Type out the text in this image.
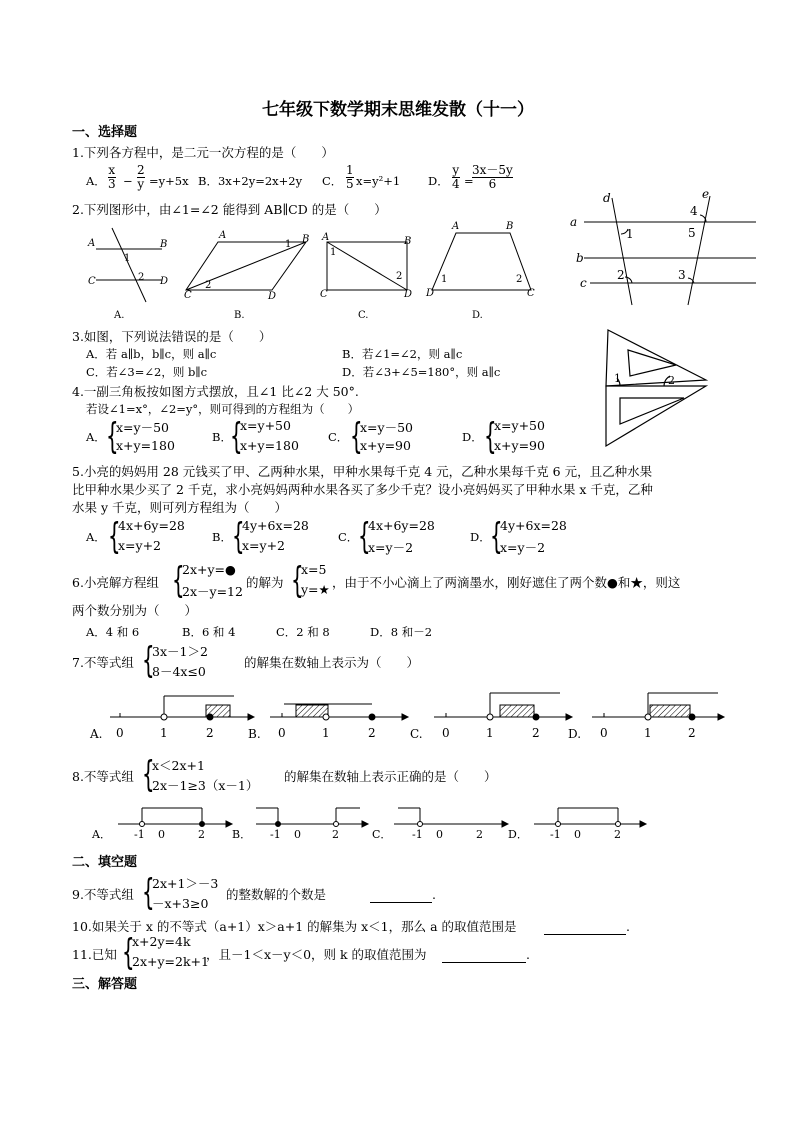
七年级下数学期末思维发散（十一）
一、选择题
1.下列各方程中，是二元一次方程的是（　　）
A．
x
3 −
2
y =y+5x B．3x+2y=2x+2y C．
1
5 x=y²+1 D．
y
4 =
3x－5y
6
2.下列图形中，由∠1=∠2 能得到 AB∥CD 的是（　　）
A	B
C	D
1
2
A	B
C	D
1
2
A	B
C	D
1
2
A	B
D	C
1	2
A.	B.	C.	D.
a
b
c
d	e
1
2	3
4
5
3.如图，下列说法错误的是（　　）
A．若 a∥b，b∥c，则 a∥c	B．若∠1=∠2，则 a∥c
C．若∠3=∠2，则 b∥c	D．若∠3+∠5=180°，则 a∥c	1	2
4.一副三角板按如图方式摆放，且∠1 比∠2 大 50°.
若设∠1=x°，∠2=y°，则可得到的方程组为（　　）
A． {
x=y－50
x+y=180
B．
{
x=y+50
x+y=180
C． {
x=y－50
x+y=90
D． {
x=y+50
x+y=90
5.小亮的妈妈用 28 元钱买了甲、乙两种水果，甲种水果每千克 4 元，乙种水果每千克 6 元，且乙种水果
比甲种水果少买了 2 千克，求小亮妈妈两种水果各买了多少千克？设小亮妈妈买了甲种水果 x 千克，乙种
水果 y 千克，则可列方程组为（　　）
A． {
4x+6y=28
x=y+2
B． {
4y+6x=28
x=y+2
C． {
4x+6y=28
x=y－2
D． {
4y+6x=28
x=y－2
6.小亮解方程组 {
2x+y=●
2x－y=12
的解为 {
x=5
y=★ ，由于不小心滴上了两滴墨水，刚好遮住了两个数●和★，则这
两个数分别为（　　）
A．4 和 6	B．6 和 4	C．2 和 8	D．8 和－2
7.不等式组 {
3x－1＞2
8－4x≤0
的解集在数轴上表示为（　　）
A. 0	1	2	B. 0	1	2	C. 0	1	2 D. 0	1	2
8.不等式组 {
x＜2x+1
2x－1≥3（x－1）
的解集在数轴上表示正确的是（　　）
A． -1 0	2 B． -1 0	2	C． -1 0	2 D． -1 0	2
二、填空题
9.不等式组 {
2x+1＞－3
－x+3≥0
的整数解的个数是	.
10.如果关于 x 的不等式（a+1）x＞a+1 的解集为 x＜1，那么 a 的取值范围是	.
11.已知 {
x+2y=4k
2x+y=2k+1
，且－1＜x－y＜0，则 k 的取值范围为	.
三、解答题
